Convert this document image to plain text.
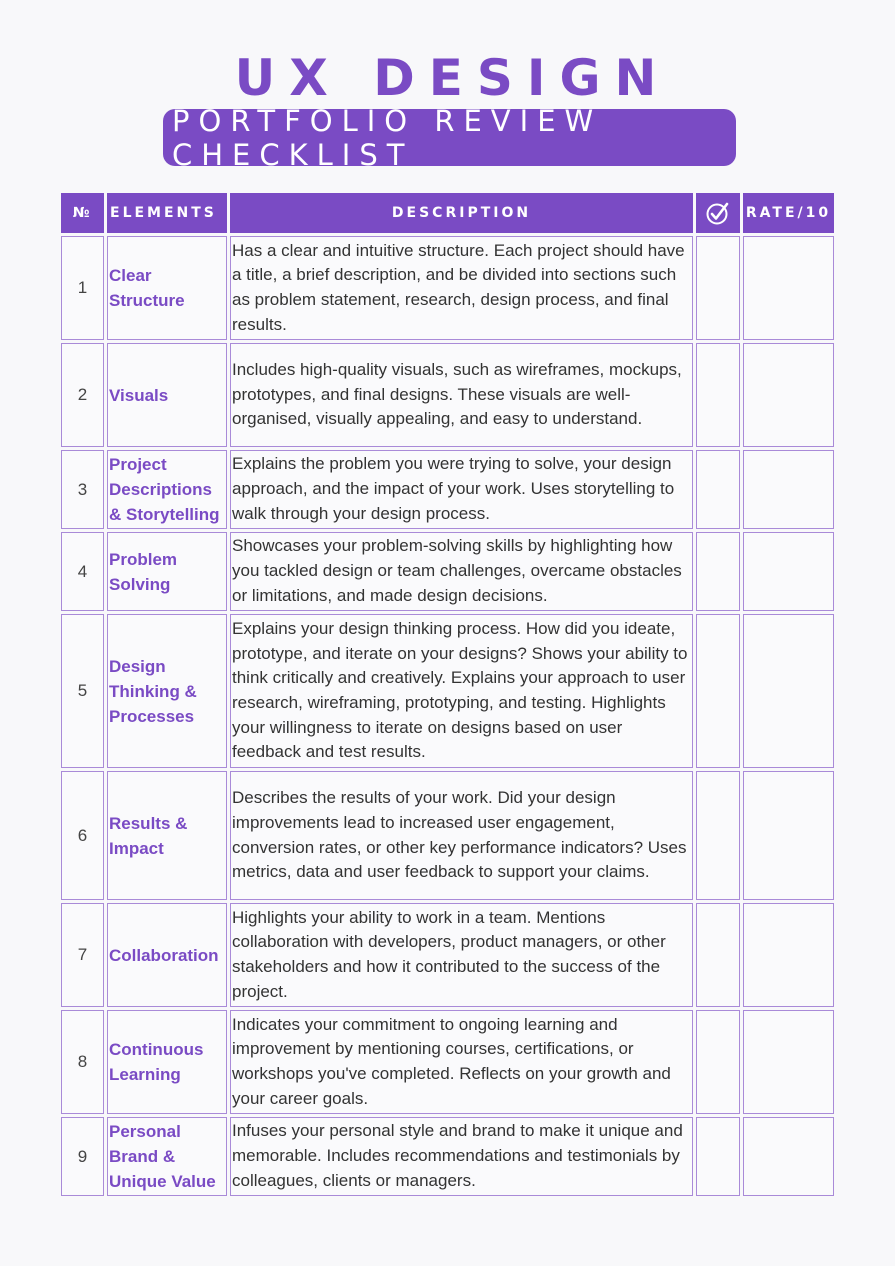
UX DESIGN
PORTFOLIO REVIEW CHECKLIST
№	ELEMENTS	DESCRIPTION		RATE/10
1	Clear Structure	Has a clear and intuitive structure. Each project should have a title, a brief description, and be divided into sections such as problem statement, research, design process, and final results.		
2	Visuals	Includes high-quality visuals, such as wireframes, mockups, prototypes, and final designs. These visuals are well-organised, visually appealing, and easy to understand.		
3	Project Descriptions & Storytelling	Explains the problem you were trying to solve, your design approach, and the impact of your work. Uses storytelling to walk through your design process.		
4	Problem Solving	Showcases your problem-solving skills by highlighting how you tackled design or team challenges, overcame obstacles or limitations, and made design decisions.		
5	Design Thinking & Processes	Explains your design thinking process. How did you ideate, prototype, and iterate on your designs? Shows your ability to think critically and creatively. Explains your approach to user research, wireframing, prototyping, and testing. Highlights your willingness to iterate on designs based on user feedback and test results.		
6	Results & Impact	Describes the results of your work. Did your design improvements lead to increased user engagement, conversion rates, or other key performance indicators? Uses metrics, data and user feedback to support your claims.		
7	Collaboration	Highlights your ability to work in a team. Mentions collaboration with developers, product managers, or other stakeholders and how it contributed to the success of the project.		
8	Continuous Learning	Indicates your commitment to ongoing learning and improvement by mentioning courses, certifications, or workshops you've completed. Reflects on your growth and your career goals.		
9	Personal Brand & Unique Value	Infuses your personal style and brand to make it unique and memorable. Includes recommendations and testimonials by colleagues, clients or managers.		
